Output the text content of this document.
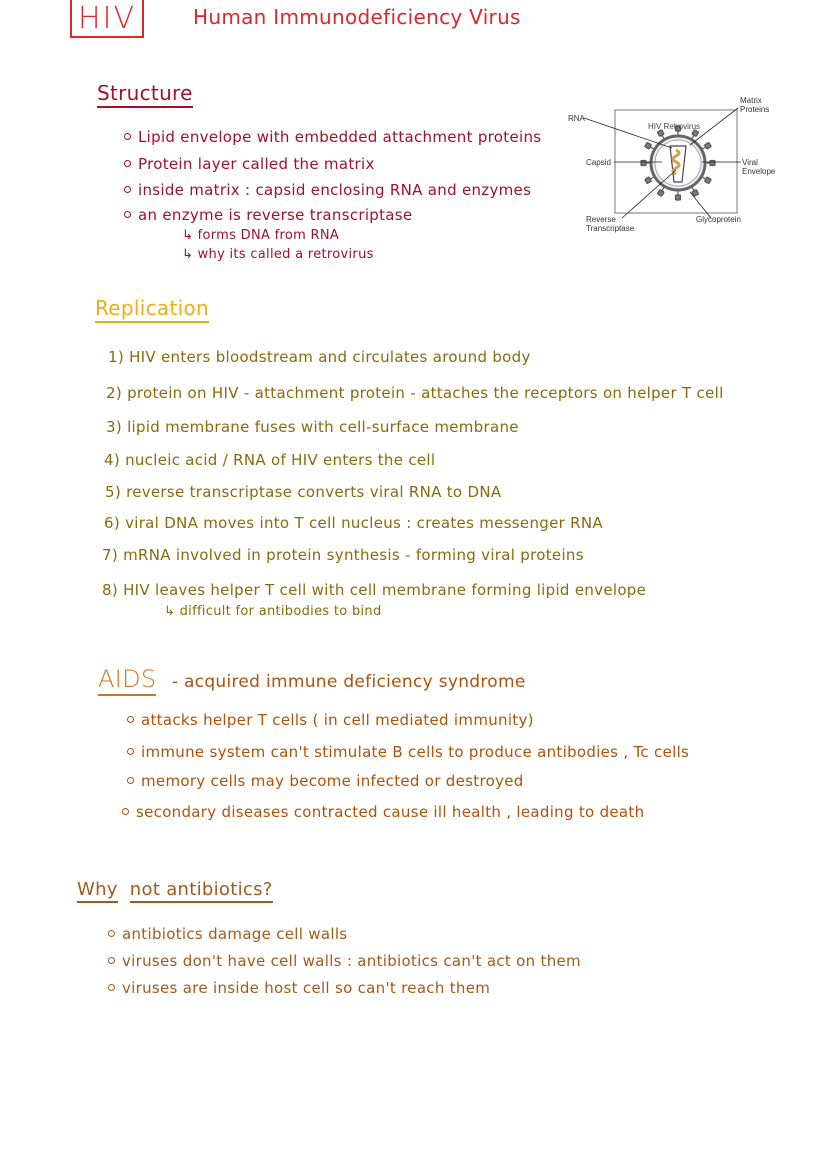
HIV	Human Immunodeficiency Virus
Structure
Lipid envelope with embedded attachment proteins
Protein layer called the matrix
inside matrix : capsid enclosing RNA and enzymes
an enzyme is reverse transcriptase
↳ forms DNA from RNA
↳ why its called a retrovirus
HIV Retrovirus
RNA
Matrix Proteins
Capsid	Viral Envelope
Reverse Transcriptase
Glycoprotein
Replication
1) HIV enters bloodstream and circulates around body
2) protein on HIV - attachment protein - attaches the receptors on helper T cell
3) lipid membrane fuses with cell-surface membrane
4) nucleic acid / RNA of HIV enters the cell
5) reverse transcriptase converts viral RNA to DNA
6) viral DNA moves into T cell nucleus : creates messenger RNA
7) mRNA involved in protein synthesis - forming viral proteins
8) HIV leaves helper T cell with cell membrane forming lipid envelope
↳ difficult for antibodies to bind
AIDS - acquired immune deficiency syndrome
attacks helper T cells ( in cell mediated immunity)
immune system can't stimulate B cells to produce antibodies , Tc cells
memory cells may become infected or destroyed
secondary diseases contracted cause ill health , leading to death
Why not antibiotics?
antibiotics damage cell walls
viruses don't have cell walls : antibiotics can't act on them
viruses are inside host cell so can't reach them
